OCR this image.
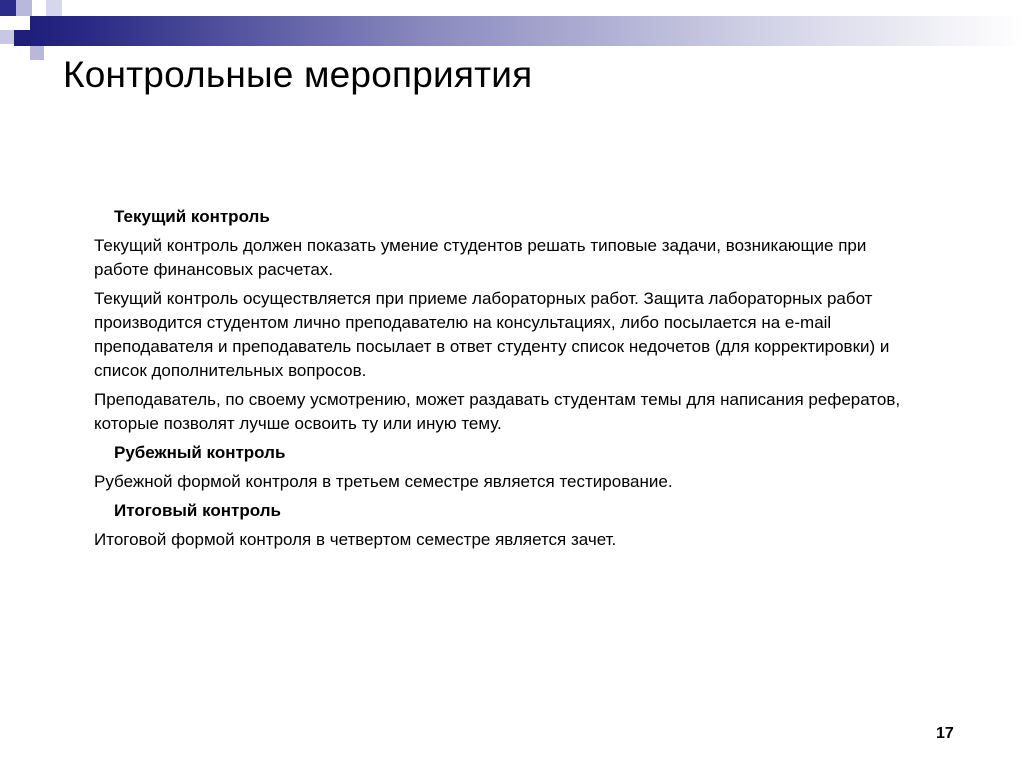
Контрольные мероприятия

Текущий контроль

Текущий контроль должен показать умение студентов решать типовые задачи, возникающие при работе финансовых расчетах.

Текущий контроль осуществляется при приеме лабораторных работ. Защита лабораторных работ производится студентом лично преподавателю на консультациях, либо посылается на e-mail преподавателя и преподаватель посылает в ответ студенту список недочетов (для корректировки) и список дополнительных вопросов.

Преподаватель, по своему усмотрению, может раздавать студентам темы для написания рефератов, которые позволят лучше освоить ту или иную тему.

Рубежный контроль

Рубежной формой контроля в третьем семестре является тестирование.

Итоговый контроль

Итоговой формой контроля в четвертом семестре является зачет.

17
